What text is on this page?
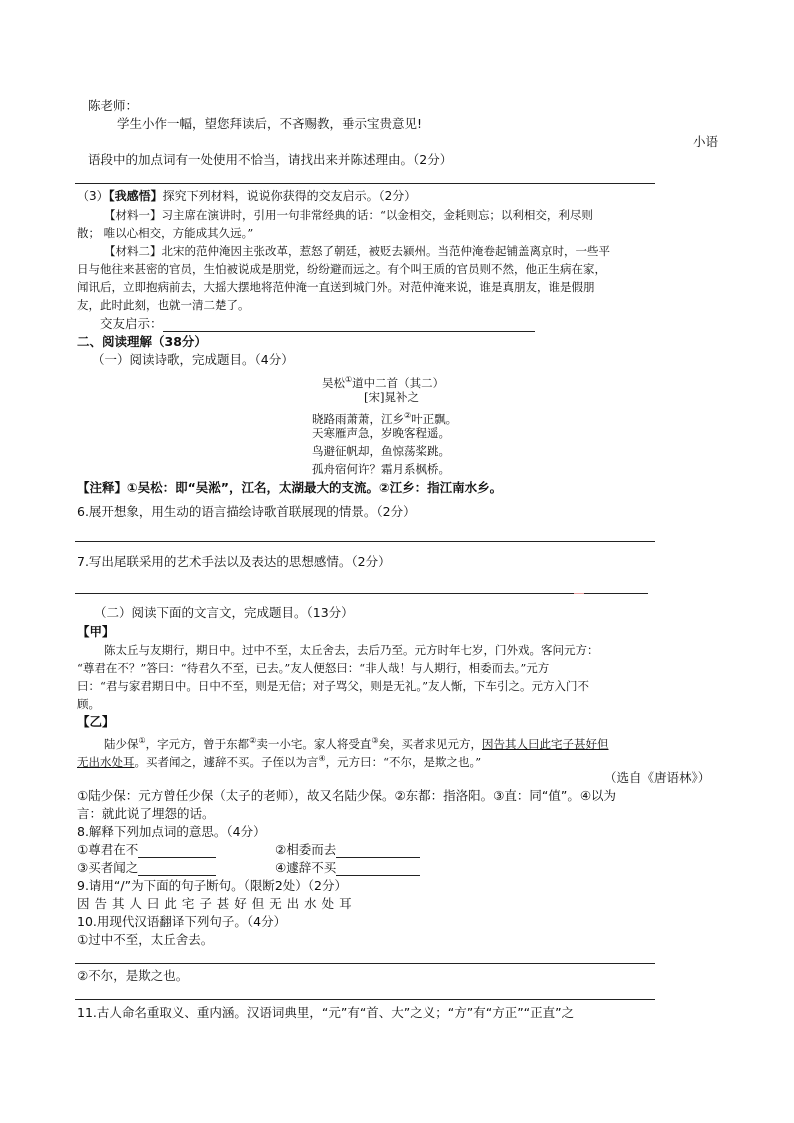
陈老师：
学生小作一幅，望您拜读后，不吝赐教，垂示宝贵意见!
小语
语段中的加点词有一处使用不恰当，请找出来并陈述理由。（2分）
（3）【我感悟】探究下列材料，说说你获得的交友启示。（2分）
【材料一】习主席在演讲时，引用一句非常经典的话：“以金相交，金耗则忘；以利相交，利尽则
散； 唯以心相交，方能成其久远。”
【材料二】北宋的范仲淹因主张改革，惹怒了朝廷，被贬去颍州。当范仲淹卷起铺盖离京时，一些平
日与他往来甚密的官员，生怕被说成是朋党，纷纷避而远之。有个叫王质的官员则不然，他正生病在家，
闻讯后，立即抱病前去，大摇大摆地将范仲淹一直送到城门外。对范仲淹来说，谁是真朋友，谁是假朋
友，此时此刻，也就一清二楚了。
交友启示：
二、阅读理解（38分）
（一）阅读诗歌，完成题目。（4分）
吴松①道中二首（其二）
[宋]晁补之
晓路雨萧萧，江乡②叶正飘。
天寒雁声急，岁晚客程遥。
鸟避征帆却，鱼惊荡桨跳。
孤舟宿何许？霜月系枫桥。
【注释】①吴松：即“吴淞”，江名，太湖最大的支流。②江乡：指江南水乡。
6.展开想象，用生动的语言描绘诗歌首联展现的情景。（2分）
7.写出尾联采用的艺术手法以及表达的思想感情。（2分）
（二）阅读下面的文言文，完成题目。（13分）
【甲】
陈太丘与友期行，期日中。过中不至，太丘舍去，去后乃至。元方时年七岁，门外戏。客问元方：
“尊君在不？”答曰：“待君久不至，已去。”友人便怒曰：“非人哉！与人期行，相委而去。”元方
曰：“君与家君期日中。日中不至，则是无信；对子骂父，则是无礼。”友人惭，下车引之。元方入门不
顾。
【乙】
陆少保①，字元方，曾于东都②卖一小宅。家人将受直③矣，买者求见元方，因告其人曰此宅子甚好但
无出水处耳。买者闻之，遽辞不买。子侄以为言④，元方曰：“不尔，是欺之也。”
（选自《唐语林》）
①陆少保：元方曾任少保（太子的老师），故又名陆少保。②东都：指洛阳。③直：同“值”。④以为
言：就此说了埋怨的话。
8.解释下列加点词的意思。（4分）
①尊君在不	②相委而去
③买者闻之	④遽辞不买
9.请用“/”为下面的句子断句。（限断2处）（2分）
因 告 其 人 曰 此 宅 子 甚 好 但 无 出 水 处 耳
10.用现代汉语翻译下列句子。（4分）
①过中不至，太丘舍去。
②不尔，是欺之也。
11.古人命名重取义、重内涵。汉语词典里，“元”有“首、大”之义；“方”有“方正”“正直”之
